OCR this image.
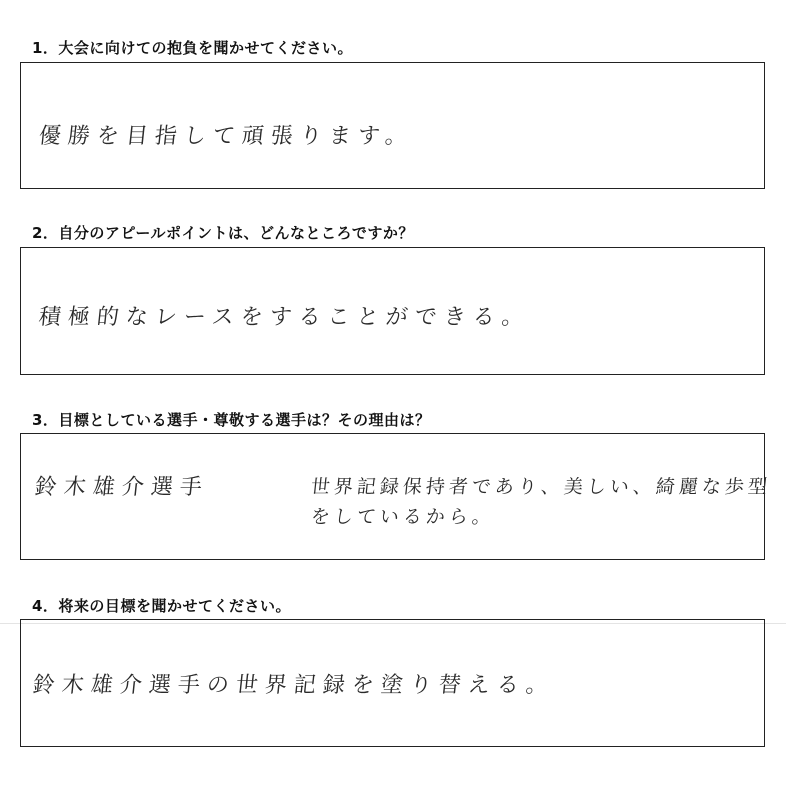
1．大会に向けての抱負を聞かせてください。
優勝を目指して頑張ります。
2．自分のアピールポイントは、どんなところですか？
積極的なレースをすることができる。
3．目標としている選手・尊敬する選手は？その理由は？
鈴木雄介選手	世界記録保持者であり、美しい、綺麗な歩型
をしているから。
4．将来の目標を聞かせてください。
鈴木雄介選手の世界記録を塗り替える。
